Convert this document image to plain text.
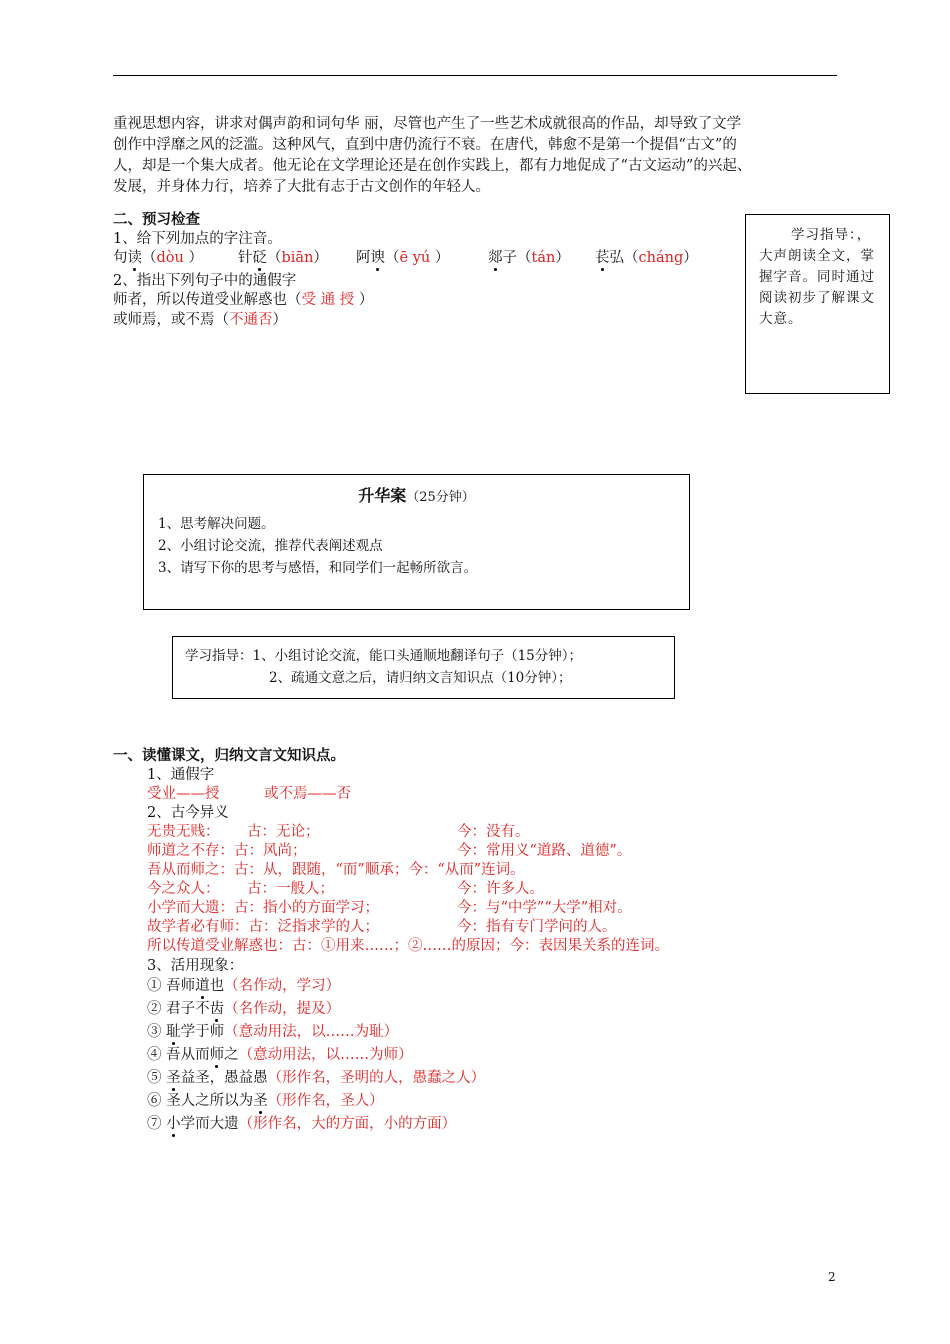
重视思想内容，讲求对偶声韵和词句华 丽，尽管也产生了一些艺术成就很高的作品，却导致了文学
创作中浮靡之风的泛滥。这种风气，直到中唐仍流行不衰。在唐代，韩愈不是第一个提倡“古文”的
人，却是一个集大成者。他无论在文学理论还是在创作实践上，都有力地促成了“古文运动”的兴起、
发展，并身体力行，培养了大批有志于古文创作的年轻人。
二、预习检查
1、给下列加点的字注音。
句读（dòu ） 针砭（biān） 阿谀（ē yú ）	郯子（tán） 苌弘（cháng）
2、指出下列句子中的通假字
师者，所以传道受业解惑也（受 通 授 ）
或师焉，或不焉（不通否）
学习指导：，
大声朗读全文，掌握字音。同时通过阅读初步了解课文大意。
升华案（25分钟）
1、思考解决问题。
2、小组讨论交流，推荐代表阐述观点
3、请写下你的思考与感悟，和同学们一起畅所欲言。
学习指导：1、小组讨论交流，能口头通顺地翻译句子（15分钟）；
2、疏通文意之后，请归纳文言知识点（10分钟）；
一、读懂课文，归纳文言文知识点。
1、通假字
受业——授	或不焉——否
2、古今异义
无贵无贱： 古：无论；	今：没有。
师道之不存：古：风尚；	今：常用义“道路、道德”。
吾从而师之：古：从，跟随，“而”顺承；今：“从而”连词。
今之众人： 古：一般人；	今：许多人。
小学而大遗：古：指小的方面学习；	今：与“中学”“大学”相对。
故学者必有师：古：泛指求学的人；	今：指有专门学问的人。
所以传道受业解惑也：古：①用来……；②……的原因；今：表因果关系的连词。
3、活用现象：
① 吾师道也（名作动，学习）
② 君子不齿（名作动，提及）
③ 耻学于师（意动用法，以……为耻）
④ 吾从而师之（意动用法，以……为师）
⑤ 圣益圣，愚益愚（形作名，圣明的人，愚蠢之人）
⑥ 圣人之所以为圣（形作名，圣人）
⑦ 小学而大遗（形作名，大的方面，小的方面）
2
